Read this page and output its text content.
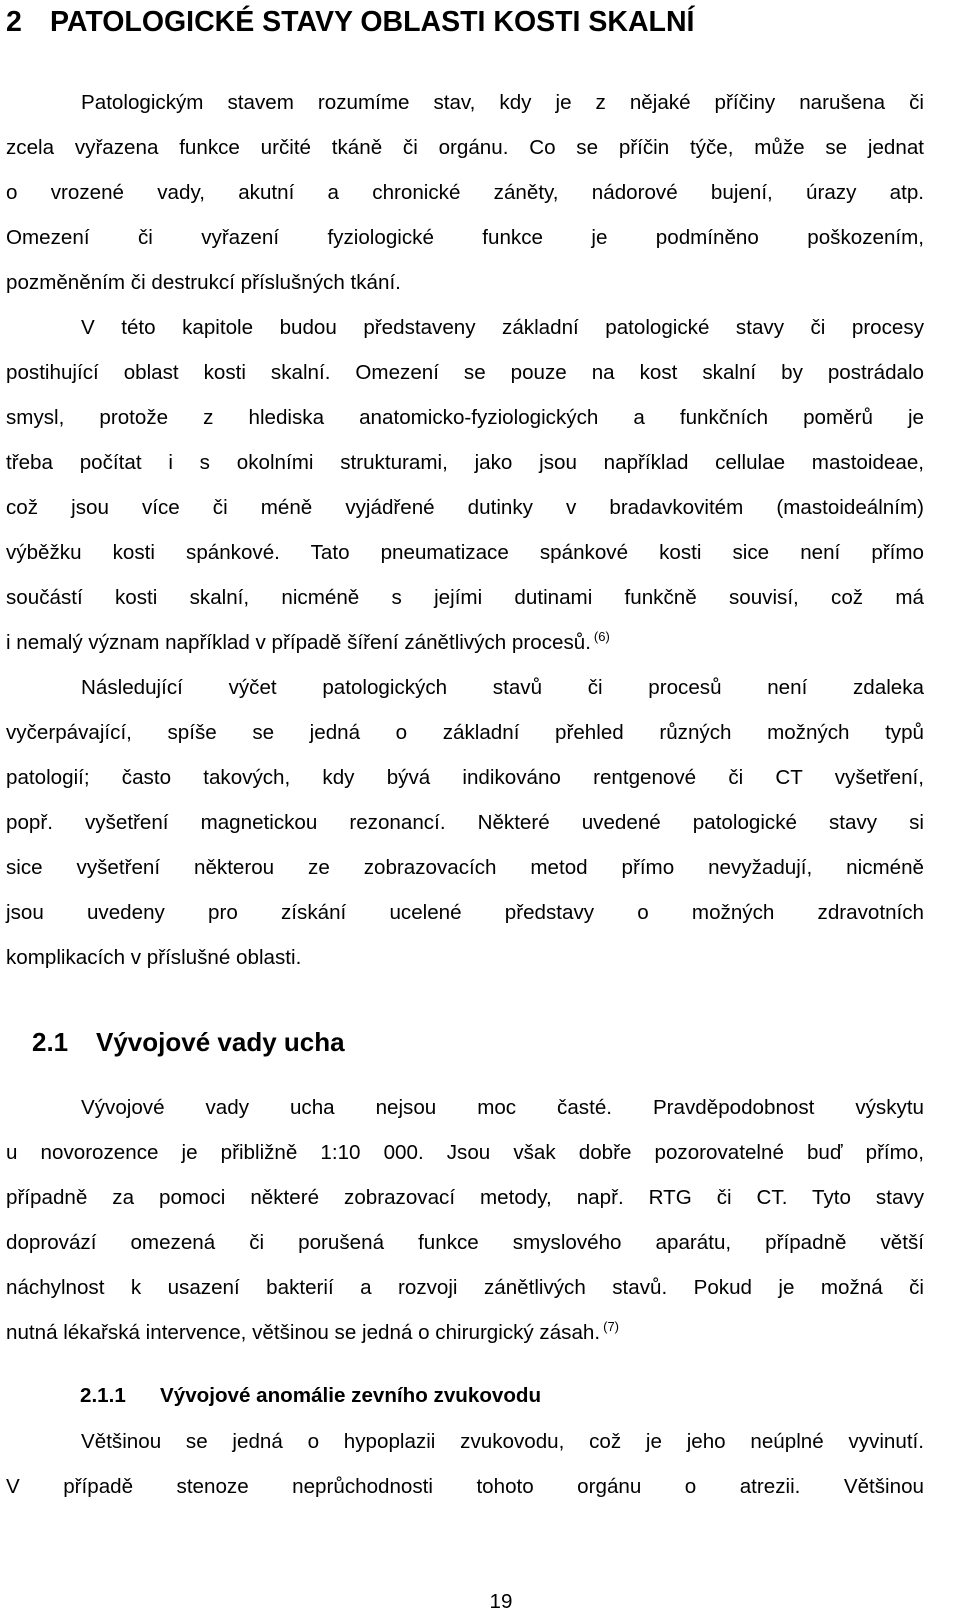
2 PATOLOGICKÉ STAVY OBLASTI KOSTI SKALNÍ
Patologickým stavem rozumíme stav, kdy je z nějaké příčiny narušena či
zcela vyřazena funkce určité tkáně či orgánu. Co se příčin týče, může se jednat
o vrozené vady, akutní a chronické záněty, nádorové bujení, úrazy atp.
Omezení či vyřazení fyziologické funkce je podmíněno poškozením,
pozměněním či destrukcí příslušných tkání.
V této kapitole budou představeny základní patologické stavy či procesy
postihující oblast kosti skalní. Omezení se pouze na kost skalní by postrádalo
smysl, protože z hlediska anatomicko-fyziologických a funkčních poměrů je
třeba počítat i s okolními strukturami, jako jsou například cellulae mastoideae,
což jsou více či méně vyjádřené dutinky v bradavkovitém (mastoideálním)
výběžku kosti spánkové. Tato pneumatizace spánkové kosti sice není přímo
součástí kosti skalní, nicméně s jejími dutinami funkčně souvisí, což má
i nemalý význam například v případě šíření zánětlivých procesů. $^{(6)}$
Následující výčet patologických stavů či procesů není zdaleka
vyčerpávající, spíše se jedná o základní přehled různých možných typů
patologií; často takových, kdy bývá indikováno rentgenové či CT vyšetření,
popř. vyšetření magnetickou rezonancí. Některé uvedené patologické stavy si
sice vyšetření některou ze zobrazovacích metod přímo nevyžadují, nicméně
jsou uvedeny pro získání ucelené představy o možných zdravotních
komplikacích v příslušné oblasti.
2.1 Vývojové vady ucha
Vývojové vady ucha nejsou moc časté. Pravděpodobnost výskytu
u novorozence je přibližně 1:10 000. Jsou však dobře pozorovatelné buď přímo,
případně za pomoci některé zobrazovací metody, např. RTG či CT. Tyto stavy
doprovází omezená či porušená funkce smyslového aparátu, případně větší
náchylnost k usazení bakterií a rozvoji zánětlivých stavů. Pokud je možná či
nutná lékařská intervence, většinou se jedná o chirurgický zásah. $^{(7)}$
2.1.1 Vývojové anomálie zevního zvukovodu
Většinou se jedná o hypoplazii zvukovodu, což je jeho neúplné vyvinutí.
V případě stenoze neprůchodnosti tohoto orgánu o atrezii. Většinou
19
